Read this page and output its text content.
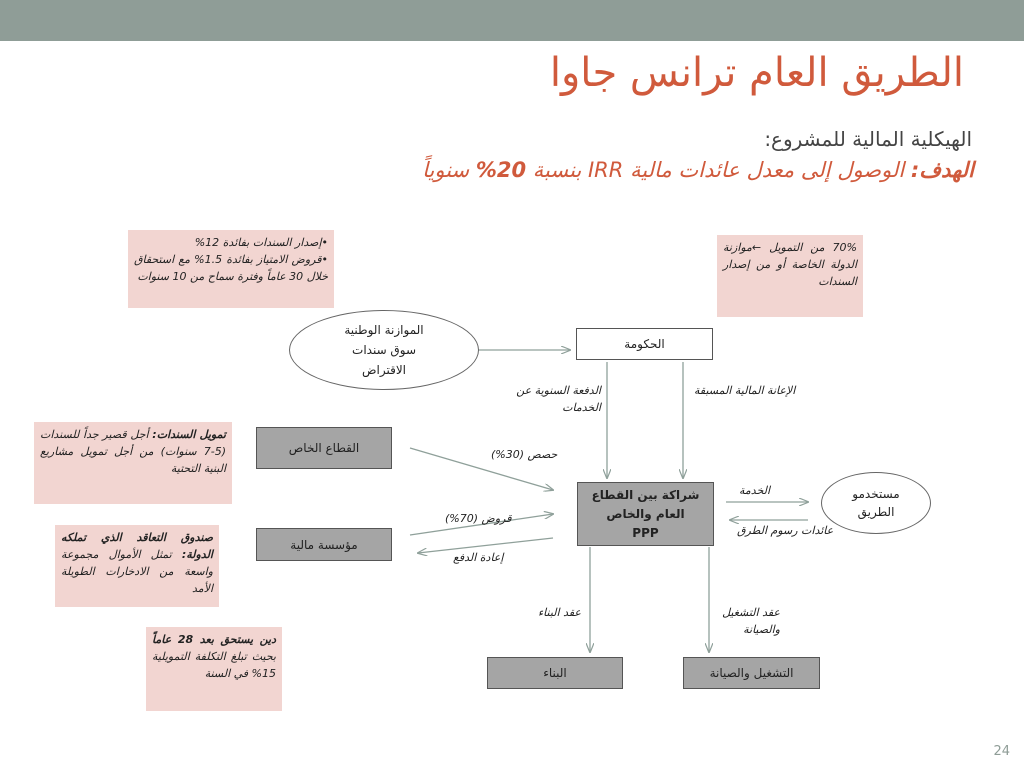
الطريق العام ترانس جاوا
الهيكلية المالية للمشروع:
الهدف: الوصول إلى معدل عائدات مالية IRR بنسبة 20% سنوياً
•إصدار السندات بفائدة 12%
•قروض الامتياز بفائدة 1.5% مع استحقاق خلال 30 عاماً وفترة سماح من 10 سنوات
70% من التمويل ←موازنة الدولة الخاصة أو من إصدار السندات
تمويل السندات: أجل قصير جداً للسندات (5-7 سنوات) من أجل تمويل مشاريع البنية التحتية
صندوق التعاقد الذي تملكه الدولة: تمثل الأموال مجموعة واسعة من الادخارات الطويلة الأمد
دين يستحق بعد 28 عاماً بحيث تبلغ التكلفة التمويلية 15% في السنة
الموازنة الوطنية
سوق سندات
الاقتراض
الحكومة
القطاع الخاص
مؤسسة مالية
شراكة بين القطاع
العام والخاص
PPP
مستخدمو
الطريق
البناء	التشغيل والصيانة
الدفعة السنوية عن الخدمات
الإعانة المالية المسبقة
حصص (30%)
قروض (70%)
إعادة الدفع
الخدمة
عائدات رسوم الطرق
عقد البناء	عقد التشغيل والصيانة
24
